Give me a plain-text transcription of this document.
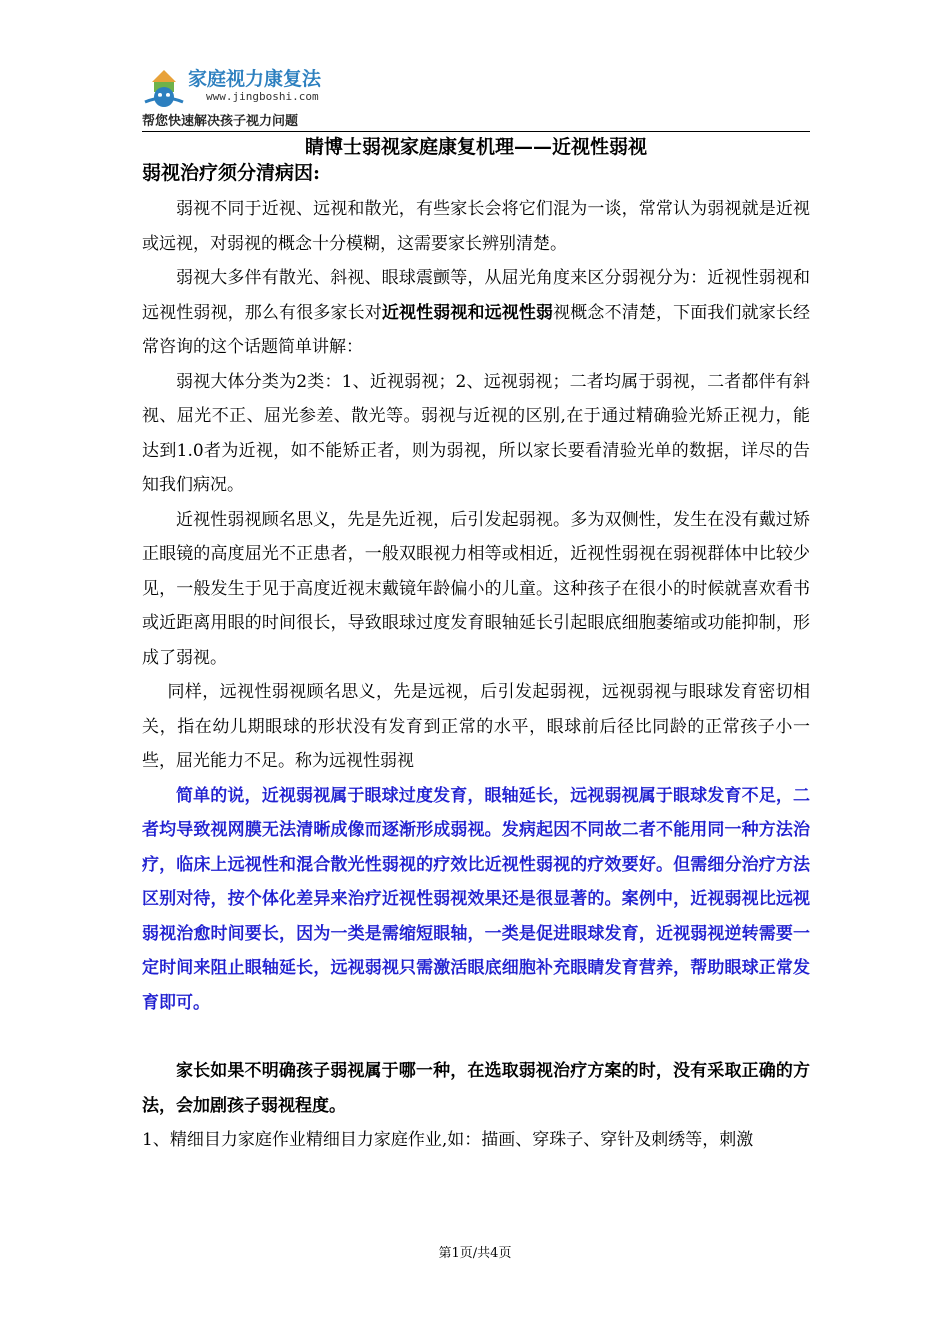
家庭视力康复法
www.jingboshi.com
帮您快速解决孩子视力问题
睛博士弱视家庭康复机理——近视性弱视
弱视治疗须分清病因:

弱视不同于近视、远视和散光，有些家长会将它们混为一谈，常常认为弱视就是近视或远视，对弱视的概念十分模糊，这需要家长辨别清楚。

弱视大多伴有散光、斜视、眼球震颤等，从屈光角度来区分弱视分为：近视性弱视和远视性弱视，那么有很多家长对近视性弱视和远视性弱视概念不清楚，下面我们就家长经常咨询的这个话题简单讲解：

弱视大体分类为2类：1、近视弱视；2、远视弱视；二者均属于弱视，二者都伴有斜视、屈光不正、屈光参差、散光等。弱视与近视的区别,在于通过精确验光矫正视力，能达到1.0者为近视，如不能矫正者，则为弱视，所以家长要看清验光单的数据，详尽的告知我们病况。

近视性弱视顾名思义，先是先近视，后引发起弱视。多为双侧性，发生在没有戴过矫正眼镜的高度屈光不正患者，一般双眼视力相等或相近，近视性弱视在弱视群体中比较少见，一般发生于见于高度近视末戴镜年龄偏小的儿童。这种孩子在很小的时候就喜欢看书或近距离用眼的时间很长，导致眼球过度发育眼轴延长引起眼底细胞萎缩或功能抑制，形成了弱视。

同样，远视性弱视顾名思义，先是远视，后引发起弱视，远视弱视与眼球发育密切相关，指在幼儿期眼球的形状没有发育到正常的水平，眼球前后径比同龄的正常孩子小一些，屈光能力不足。称为远视性弱视

简单的说，近视弱视属于眼球过度发育，眼轴延长，远视弱视属于眼球发育不足，二者均导致视网膜无法清晰成像而逐渐形成弱视。发病起因不同故二者不能用同一种方法治疗，临床上远视性和混合散光性弱视的疗效比近视性弱视的疗效要好。但需细分治疗方法区别对待，按个体化差异来治疗近视性弱视效果还是很显著的。案例中，近视弱视比远视弱视治愈时间要长，因为一类是需缩短眼轴，一类是促进眼球发育，近视弱视逆转需要一定时间来阻止眼轴延长，远视弱视只需激活眼底细胞补充眼睛发育营养，帮助眼球正常发育即可。

家长如果不明确孩子弱视属于哪一种，在选取弱视治疗方案的时，没有采取正确的方法，会加剧孩子弱视程度。

1、精细目力家庭作业精细目力家庭作业,如：描画、穿珠子、穿针及刺绣等，刺激

第1页/共4页
